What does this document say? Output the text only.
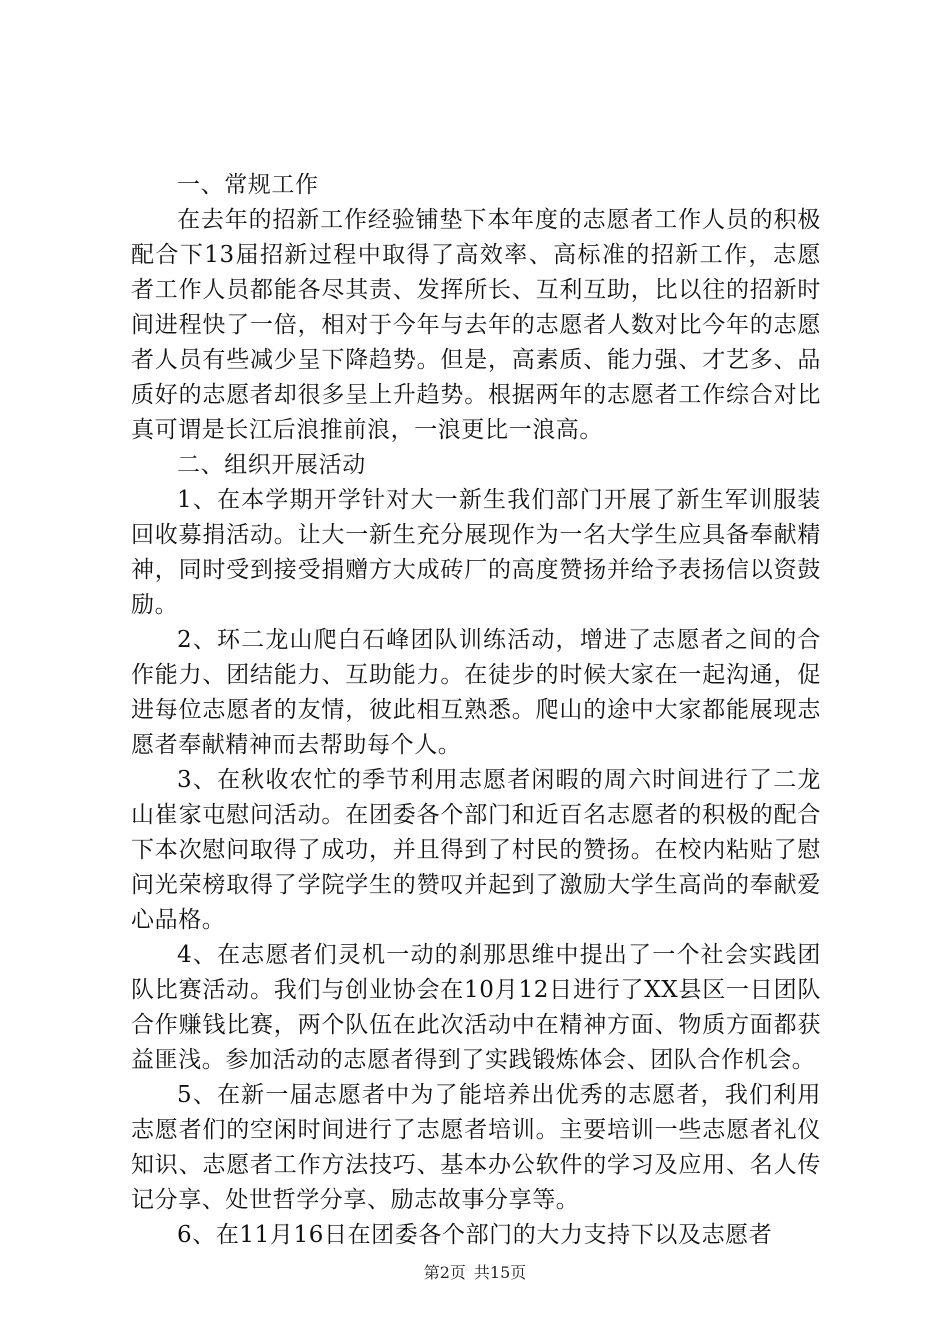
一、常规工作

在去年的招新工作经验铺垫下本年度的志愿者工作人员的积极配合下13届招新过程中取得了高效率、高标准的招新工作，志愿者工作人员都能各尽其责、发挥所长、互利互助，比以往的招新时间进程快了一倍，相对于今年与去年的志愿者人数对比今年的志愿者人员有些减少呈下降趋势。但是，高素质、能力强、才艺多、品质好的志愿者却很多呈上升趋势。根据两年的志愿者工作综合对比真可谓是长江后浪推前浪，一浪更比一浪高。

二、组织开展活动

1、在本学期开学针对大一新生我们部门开展了新生军训服装回收募捐活动。让大一新生充分展现作为一名大学生应具备奉献精神，同时受到接受捐赠方大成砖厂的高度赞扬并给予表扬信以资鼓励。

2、环二龙山爬白石峰团队训练活动，增进了志愿者之间的合作能力、团结能力、互助能力。在徒步的时候大家在一起沟通，促进每位志愿者的友情，彼此相互熟悉。爬山的途中大家都能展现志愿者奉献精神而去帮助每个人。

3、在秋收农忙的季节利用志愿者闲暇的周六时间进行了二龙山崔家屯慰问活动。在团委各个部门和近百名志愿者的积极的配合下本次慰问取得了成功，并且得到了村民的赞扬。在校内粘贴了慰问光荣榜取得了学院学生的赞叹并起到了激励大学生高尚的奉献爱心品格。

4、在志愿者们灵机一动的刹那思维中提出了一个社会实践团队比赛活动。我们与创业协会在10月12日进行了XX县区一日团队合作赚钱比赛，两个队伍在此次活动中在精神方面、物质方面都获益匪浅。参加活动的志愿者得到了实践锻炼体会、团队合作机会。

5、在新一届志愿者中为了能培养出优秀的志愿者，我们利用志愿者们的空闲时间进行了志愿者培训。主要培训一些志愿者礼仪知识、志愿者工作方法技巧、基本办公软件的学习及应用、名人传记分享、处世哲学分享、励志故事分享等。

6、在11月16日在团委各个部门的大力支持下以及志愿者

第2页 共15页
